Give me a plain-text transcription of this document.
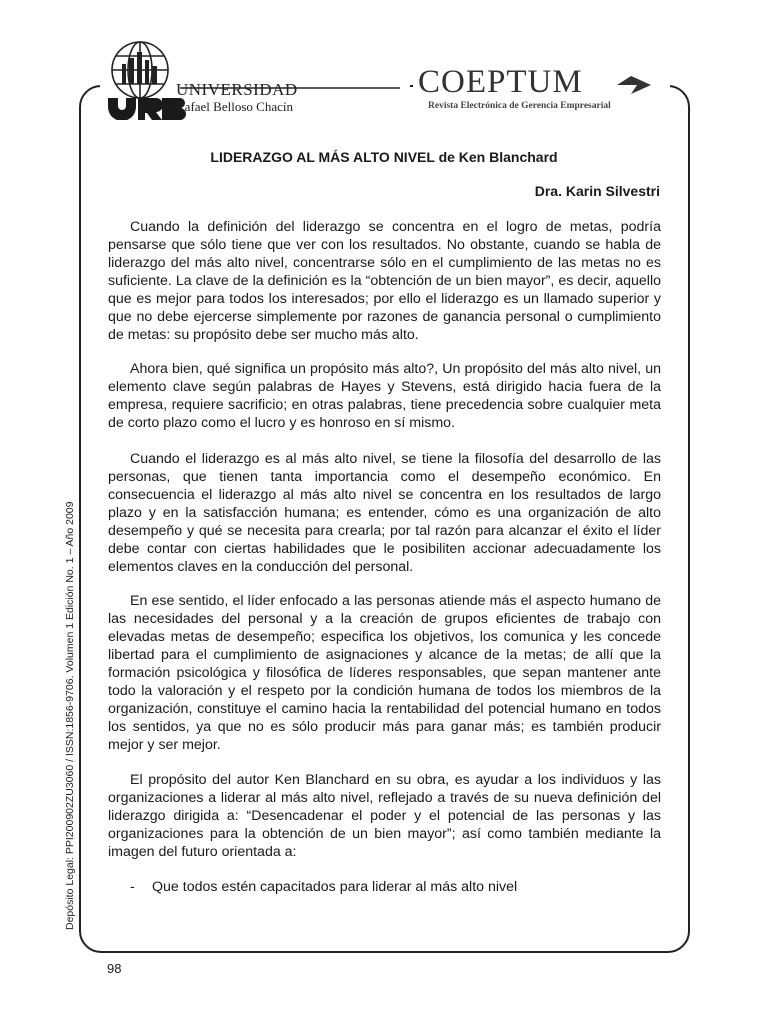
UNIVERSIDAD
Rafael Belloso Chacín
COEPTUM
Revista Electrónica de Gerencia Empresarial
LIDERAZGO AL MÁS ALTO NIVEL de Ken Blanchard
Dra. Karin Silvestri

Cuando la definición del liderazgo se concentra en el logro de metas, podría pensarse que sólo tiene que ver con los resultados. No obstante, cuando se habla de liderazgo del más alto nivel, concentrarse sólo en el cumplimiento de las metas no es suficiente. La clave de la definición es la “obtención de un bien mayor”, es decir, aquello que es mejor para todos los interesados; por ello el liderazgo es un llamado superior y que no debe ejercerse simplemente por razones de ganancia personal o cumplimiento de metas: su propósito debe ser mucho más alto.

Ahora bien, qué significa un propósito más alto?, Un propósito del más alto nivel, un elemento clave según palabras de Hayes y Stevens, está dirigido hacia fuera de la empresa, requiere sacrificio; en otras palabras, tiene precedencia sobre cualquier meta de corto plazo como el lucro y es honroso en sí mismo.

Cuando el liderazgo es al más alto nivel, se tiene la filosofía del desarrollo de las personas, que tienen tanta importancia como el desempeño económico. En consecuencia el liderazgo al más alto nivel se concentra en los resultados de largo plazo y en la satisfacción humana; es entender, cómo es una organización de alto desempeño y qué se necesita para crearla; por tal razón para alcanzar el éxito el líder debe contar con ciertas habilidades que le posibiliten accionar adecuadamente los elementos claves en la conducción del personal.

En ese sentido, el líder enfocado a las personas atiende más el aspecto humano de las necesidades del personal y a la creación de grupos eficientes de trabajo con elevadas metas de desempeño; especifica los objetivos, los comunica y les concede libertad para el cumplimiento de asignaciones y alcance de la metas; de allí que la formación psicológica y filosófica de líderes responsables, que sepan mantener ante todo la valoración y el respeto por la condición humana de todos los miembros de la organización, constituye el camino hacia la rentabilidad del potencial humano en todos los sentidos, ya que no es sólo producir más para ganar más; es también producir mejor y ser mejor.

El propósito del autor Ken Blanchard en su obra, es ayudar a los individuos y las organizaciones a liderar al más alto nivel, reflejado a través de su nueva definición del liderazgo dirigida a: “Desencadenar el poder y el potencial de las personas y las organizaciones para la obtención de un bien mayor”; así como también mediante la imagen del futuro orientada a:

- Que todos estén capacitados para liderar al más alto nivel
Depósito Legal: PPI200902ZU3060 / ISSN:1856-9706. Volumen 1 Edición No. 1 – Año 2009
98
